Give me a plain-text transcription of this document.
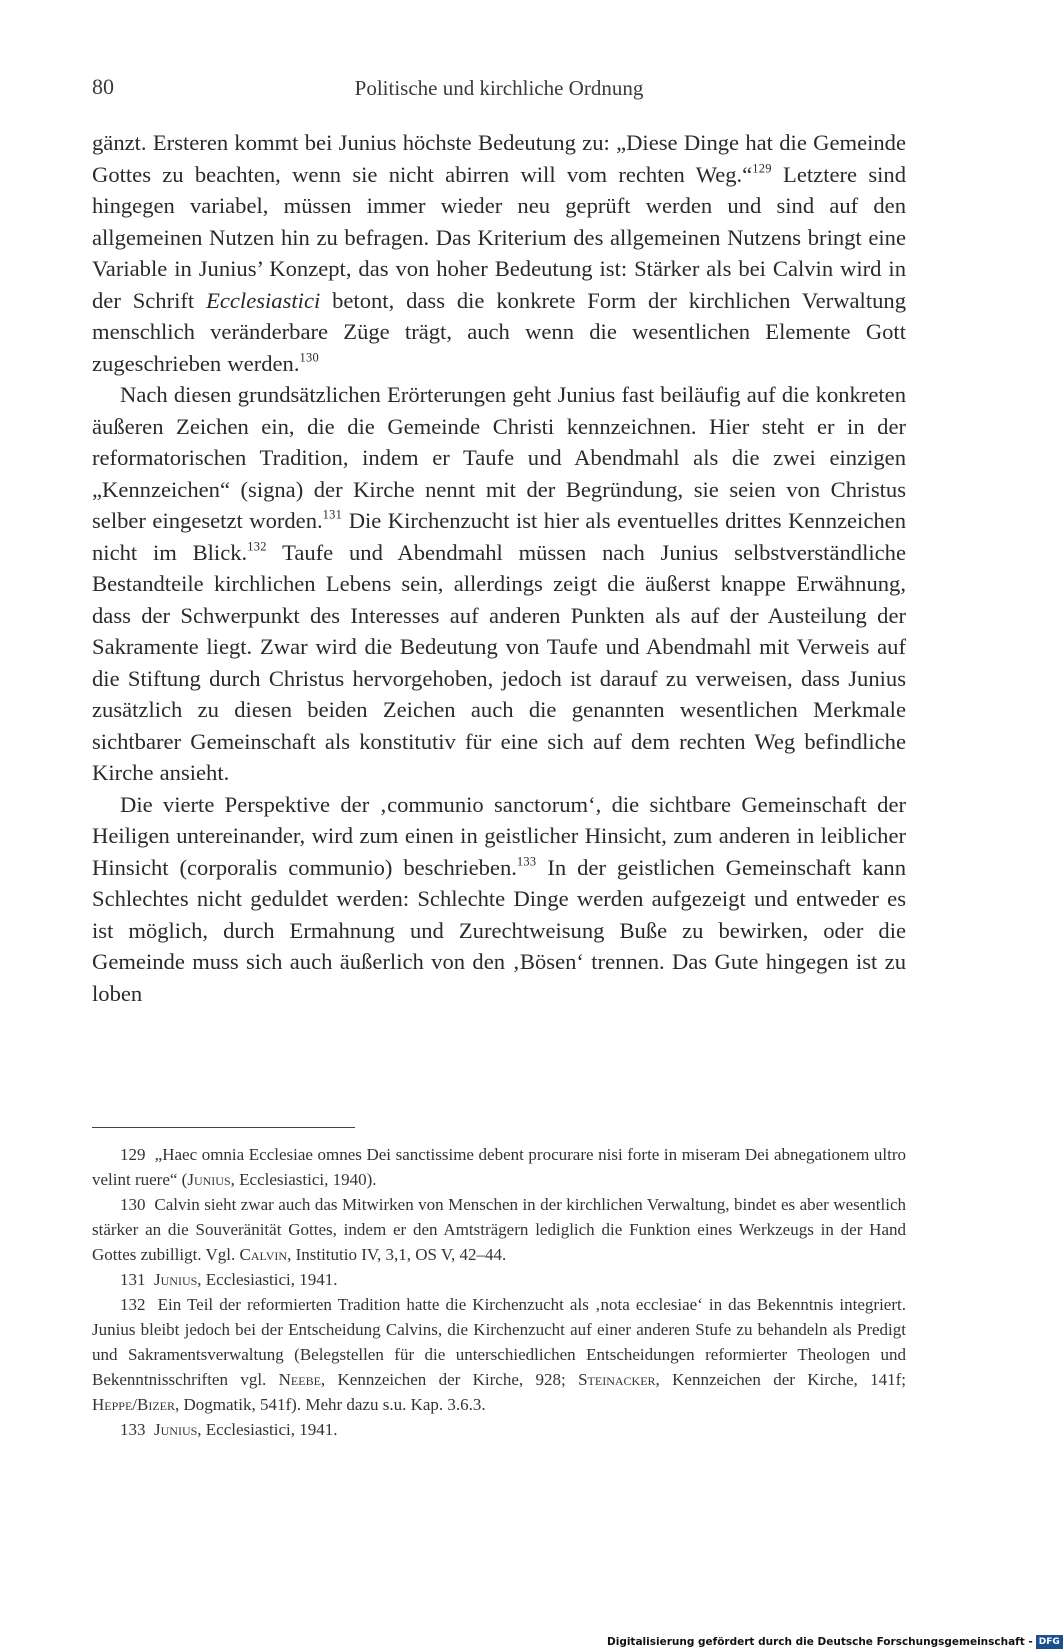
80	Politische und kirchliche Ordnung

gänzt. Ersteren kommt bei Junius höchste Bedeutung zu: „Diese Dinge hat die Gemeinde Gottes zu beachten, wenn sie nicht abirren will vom rechten Weg.“$^{129}$ Letztere sind hingegen variabel, müssen immer wieder neu geprüft werden und sind auf den allgemeinen Nutzen hin zu befragen. Das Kriterium des allgemeinen Nutzens bringt eine Variable in Junius’ Konzept, das von hoher Bedeutung ist: Stärker als bei Calvin wird in der Schrift Ecclesiastici betont, dass die konkrete Form der kirchlichen Verwaltung menschlich veränderbare Züge trägt, auch wenn die wesentlichen Elemente Gott zugeschrieben werden.$^{130}$

Nach diesen grundsätzlichen Erörterungen geht Junius fast beiläufig auf die konkreten äußeren Zeichen ein, die die Gemeinde Christi kennzeichnen. Hier steht er in der reformatorischen Tradition, indem er Taufe und Abendmahl als die zwei einzigen „Kennzeichen“ (signa) der Kirche nennt mit der Begründung, sie seien von Christus selber eingesetzt worden.$^{131}$ Die Kirchenzucht ist hier als eventuelles drittes Kennzeichen nicht im Blick.$^{132}$ Taufe und Abendmahl müssen nach Junius selbstverständliche Bestandteile kirchlichen Lebens sein, allerdings zeigt die äußerst knappe Erwähnung, dass der Schwerpunkt des Interesses auf anderen Punkten als auf der Austeilung der Sakramente liegt. Zwar wird die Bedeutung von Taufe und Abendmahl mit Verweis auf die Stiftung durch Christus hervorgehoben, jedoch ist darauf zu verweisen, dass Junius zusätzlich zu diesen beiden Zeichen auch die genannten wesentlichen Merkmale sichtbarer Gemeinschaft als konstitutiv für eine sich auf dem rechten Weg befindliche Kirche ansieht.

Die vierte Perspektive der ‚communio sanctorum‘, die sichtbare Gemeinschaft der Heiligen untereinander, wird zum einen in geistlicher Hinsicht, zum anderen in leiblicher Hinsicht (corporalis communio) beschrieben.$^{133}$ In der geistlichen Gemeinschaft kann Schlechtes nicht geduldet werden: Schlechte Dinge werden aufgezeigt und entweder es ist möglich, durch Ermahnung und Zurechtweisung Buße zu bewirken, oder die Gemeinde muss sich auch äußerlich von den ‚Bösen‘ trennen. Das Gute hingegen ist zu loben

129 „Haec omnia Ecclesiae omnes Dei sanctissime debent procurare nisi forte in miseram Dei abnegationem ultro velint ruere“ (Junius, Ecclesiastici, 1940).

130 Calvin sieht zwar auch das Mitwirken von Menschen in der kirchlichen Verwaltung, bindet es aber wesentlich stärker an die Souveränität Gottes, indem er den Amtsträgern lediglich die Funktion eines Werkzeugs in der Hand Gottes zubilligt. Vgl. Calvin, Institutio IV, 3,1, OS V, 42–44.

131 Junius, Ecclesiastici, 1941.

132 Ein Teil der reformierten Tradition hatte die Kirchenzucht als ‚nota ecclesiae‘ in das Bekenntnis integriert. Junius bleibt jedoch bei der Entscheidung Calvins, die Kirchenzucht auf einer anderen Stufe zu behandeln als Predigt und Sakramentsverwaltung (Belegstellen für die unterschiedlichen Entscheidungen reformierter Theologen und Bekenntnisschriften vgl. Neebe, Kennzeichen der Kirche, 928; Steinacker, Kennzeichen der Kirche, 141f; Heppe/Bizer, Dogmatik, 541f). Mehr dazu s.u. Kap. 3.6.3.

133 Junius, Ecclesiastici, 1941.

Digitalisierung gefördert durch die Deutsche Forschungsgemeinschaft - DFG
